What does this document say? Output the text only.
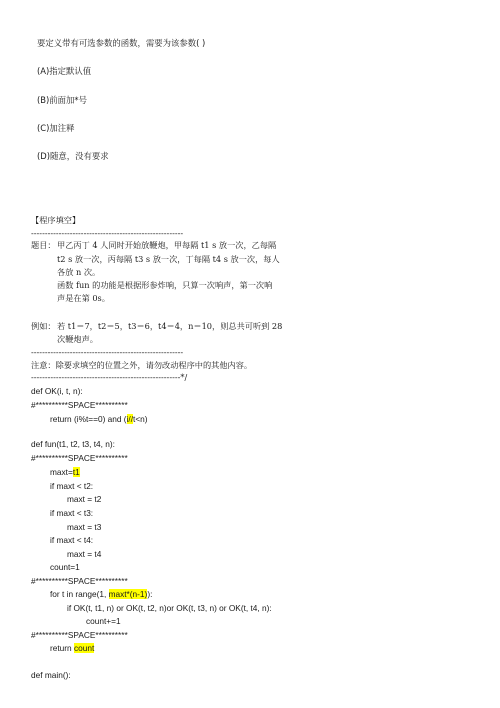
要定义带有可选参数的函数，需要为该参数( )
(A)指定默认值
(B)前面加*号
(C)加注释
(D)随意，没有要求
【程序填空】
-------------------------------------------------------
题目： 甲乙丙丁 4 人同时开始放鞭炮，甲每隔 t1 s 放一次，乙每隔
t2 s 放一次，丙每隔 t3 s 放一次，丁每隔 t4 s 放一次，每人
各放 n 次。
函数 fun 的功能是根据形参炸响，只算一次响声，第一次响
声是在第 0s。
例如： 若 t1＝7，t2＝5，t3＝6，t4＝4，n＝10，则总共可听到 28
次鞭炮声。
-------------------------------------------------------
注意：除要求填空的位置之外，请勿改动程序中的其他内容。
------------------------------------------------------*/
def OK(i, t, n):
#**********SPACE**********
return (i%t==0) and (i//t<n)
def fun(t1, t2, t3, t4, n):
#**********SPACE**********
maxt=t1
if maxt < t2:
maxt = t2
if maxt < t3:
maxt = t3
if maxt < t4:
maxt = t4
count=1
#**********SPACE**********
for t in range(1, maxt*(n-1)):
if OK(t, t1, n) or OK(t, t2, n)or OK(t, t3, n) or OK(t, t4, n):
count+=1
#**********SPACE**********
return count
def main():
